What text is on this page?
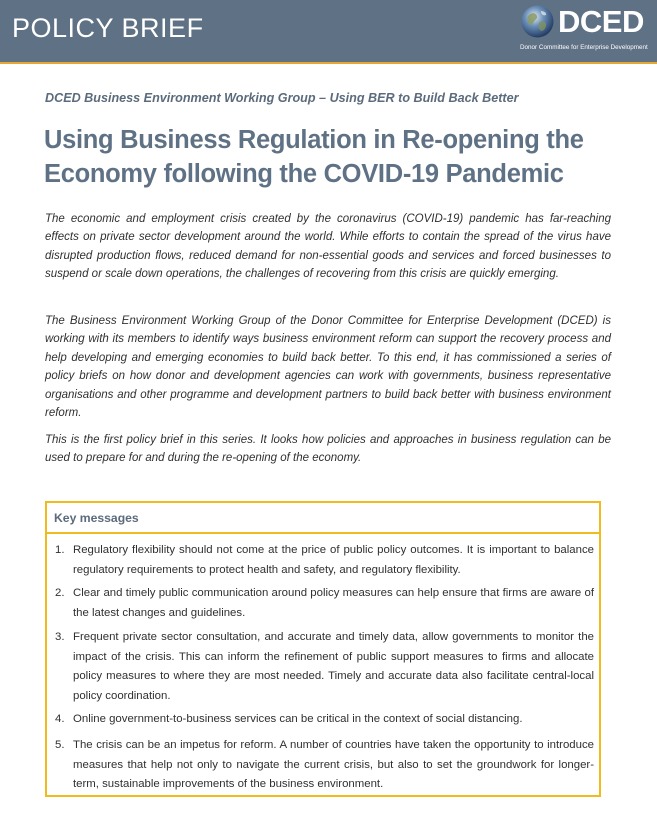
POLICY BRIEF	DCED
Donor Committee for Enterprise Development
DCED Business Environment Working Group – Using BER to Build Back Better
Using Business Regulation in Re-opening the
Economy following the COVID-19 Pandemic

The economic and employment crisis created by the coronavirus (COVID-19) pandemic has far-reaching effects on private sector development around the world. While efforts to contain the spread of the virus have disrupted production flows, reduced demand for non-essential goods and services and forced businesses to suspend or scale down operations, the challenges of recovering from this crisis are quickly emerging.

The Business Environment Working Group of the Donor Committee for Enterprise Development (DCED) is working with its members to identify ways business environment reform can support the recovery process and help developing and emerging economies to build back better. To this end, it has commissioned a series of policy briefs on how donor and development agencies can work with governments, business representative organisations and other programme and development partners to build back better with business environment reform.

This is the first policy brief in this series. It looks how policies and approaches in business regulation can be used to prepare for and during the re-opening of the economy.

Key messages
1. Regulatory flexibility should not come at the price of public policy outcomes. It is important to balance regulatory requirements to protect health and safety, and regulatory flexibility.

2. Clear and timely public communication around policy measures can help ensure that firms are aware of the latest changes and guidelines.

3. Frequent private sector consultation, and accurate and timely data, allow governments to monitor the impact of the crisis. This can inform the refinement of public support measures to firms and allocate policy measures to where they are most needed. Timely and accurate data also facilitate central-local policy coordination.

4. Online government-to-business services can be critical in the context of social distancing.

5. The crisis can be an impetus for reform. A number of countries have taken the opportunity to introduce measures that help not only to navigate the current crisis, but also to set the groundwork for longer-term, sustainable improvements of the business environment.
